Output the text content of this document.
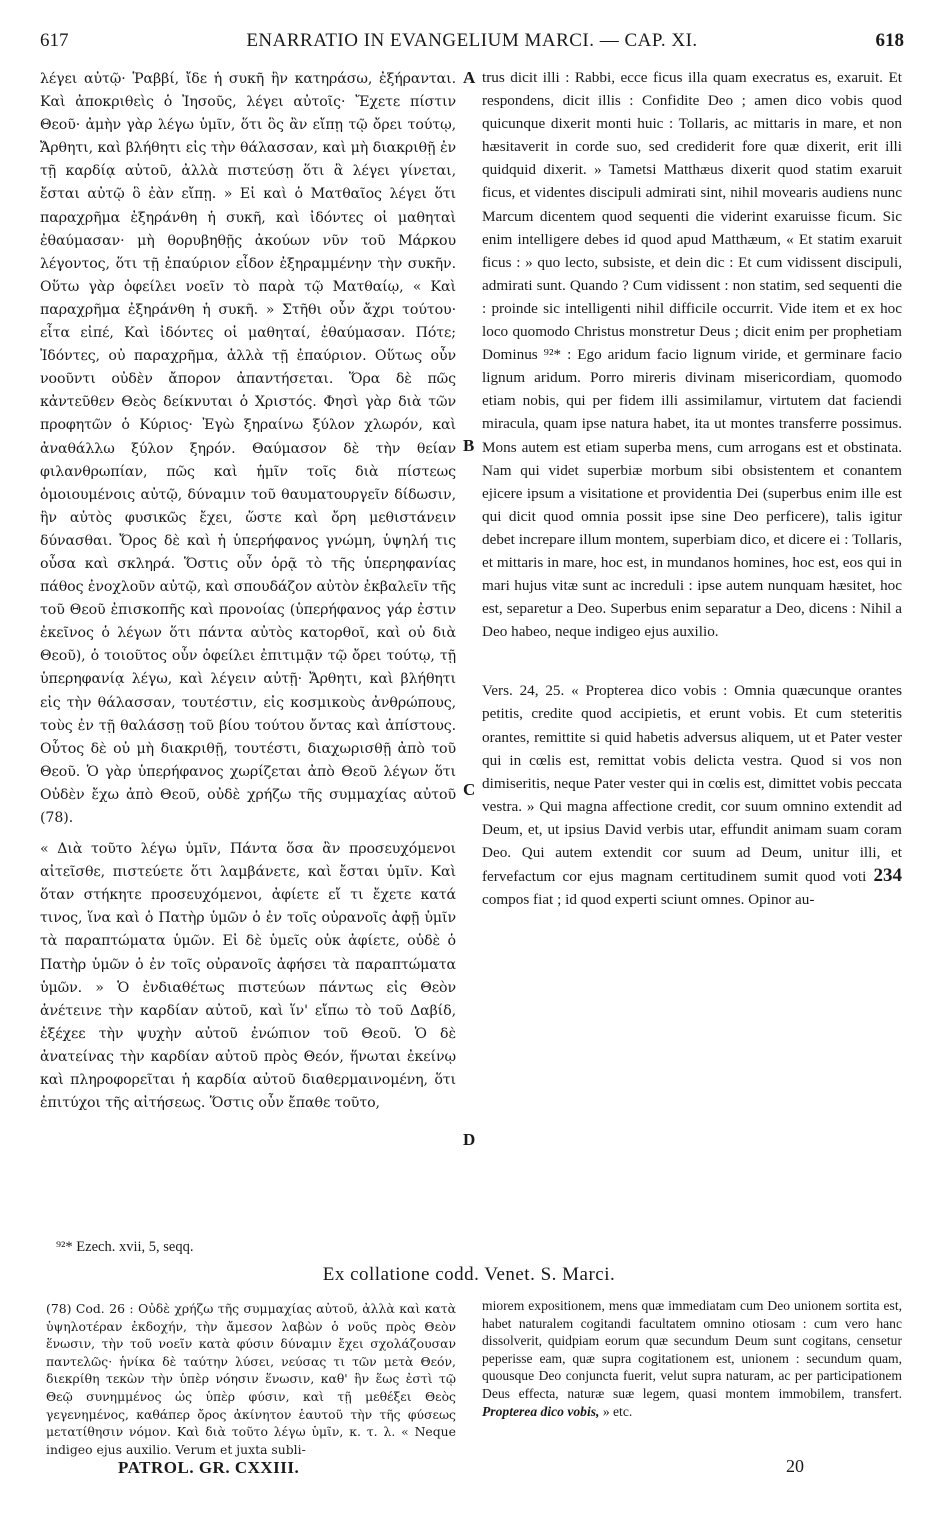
617	ENARRATIO IN EVANGELIUM MARCI. — CAP. XI.	618
λέγει αὐτῷ· Ῥαββί, ἴδε ἡ συκῆ ἣν κατηράσω, ἐξήρανται. Καὶ ἀποκριθεὶς ὁ Ἰησοῦς, λέγει αὐτοῖς· Ἔχετε πίστιν Θεοῦ· ἀμὴν γὰρ λέγω ὑμῖν, ὅτι ὃς ἂν εἴπῃ τῷ ὄρει τούτῳ, Ἄρθητι, καὶ βλήθητι εἰς τὴν θάλασσαν, καὶ μὴ διακριθῇ ἐν τῇ καρδίᾳ αὐτοῦ, ἀλλὰ πιστεύσῃ ὅτι ἃ λέγει γίνεται, ἔσται αὐτῷ ὃ ἐὰν εἴπῃ. » Εἰ καὶ ὁ Ματθαῖος λέγει ὅτι παραχρῆμα ἐξηράνθη ἡ συκῆ, καὶ ἰδόντες οἱ μαθηταὶ ἐθαύμασαν· μὴ θορυβηθῇς ἀκούων νῦν τοῦ Μάρκου λέγοντος, ὅτι τῇ ἐπαύριον εἶδον ἐξηραμμένην τὴν συκῆν. Οὕτω γὰρ ὀφείλει νοεῖν τὸ παρὰ τῷ Ματθαίῳ, « Καὶ παραχρῆμα ἐξηράνθη ἡ συκῆ. » Στῆθι οὖν ἄχρι τούτου· εἶτα εἰπέ, Καὶ ἰδόντες οἱ μαθηταί, ἐθαύμασαν. Πότε; Ἰδόντες, οὐ παραχρῆμα, ἀλλὰ τῇ ἐπαύριον. Οὕτως οὖν νοοῦντι οὐδὲν ἄπορον ἀπαντήσεται. Ὅρα δὲ πῶς κἀντεῦθεν Θεὸς δείκνυται ὁ Χριστός. Φησὶ γὰρ διὰ τῶν προφητῶν ὁ Κύριος· Ἐγὼ ξηραίνω ξύλον χλωρόν, καὶ ἀναθάλλω ξύλον ξηρόν. Θαύμασον δὲ τὴν θείαν φιλανθρωπίαν, πῶς καὶ ἡμῖν τοῖς διὰ πίστεως ὁμοιουμένοις αὐτῷ, δύναμιν τοῦ θαυματουργεῖν δίδωσιν, ἣν αὐτὸς φυσικῶς ἔχει, ὥστε καὶ ὄρη μεθιστάνειν δύνασθαι. Ὄρος δὲ καὶ ἡ ὑπερήφανος γνώμη, ὑψηλή τις οὖσα καὶ σκληρά. Ὅστις οὖν ὁρᾷ τὸ τῆς ὑπερηφανίας πάθος ἐνοχλοῦν αὐτῷ, καὶ σπουδάζον αὐτὸν ἐκβαλεῖν τῆς τοῦ Θεοῦ ἐπισκοπῆς καὶ προνοίας (ὑπερήφανος γάρ ἐστιν ἐκεῖνος ὁ λέγων ὅτι πάντα αὐτὸς κατορθοῖ, καὶ οὐ διὰ Θεοῦ), ὁ τοιοῦτος οὖν ὀφείλει ἐπιτιμᾷν τῷ ὄρει τούτῳ, τῇ ὑπερηφανίᾳ λέγω, καὶ λέγειν αὐτῇ· Ἄρθητι, καὶ βλήθητι εἰς τὴν θάλασσαν, τουτέστιν, εἰς κοσμικοὺς ἀνθρώπους, τοὺς ἐν τῇ θαλάσσῃ τοῦ βίου τούτου ὄντας καὶ ἀπίστους. Οὗτος δὲ οὐ μὴ διακριθῇ, τουτέστι, διαχωρισθῇ ἀπὸ τοῦ Θεοῦ. Ὁ γὰρ ὑπερήφανος χωρίζεται ἀπὸ Θεοῦ λέγων ὅτι Οὐδὲν ἔχω ἀπὸ Θεοῦ, οὐδὲ χρήζω τῆς συμμαχίας αὐτοῦ (78).
« Διὰ τοῦτο λέγω ὑμῖν, Πάντα ὅσα ἂν προσευχόμενοι αἰτεῖσθε, πιστεύετε ὅτι λαμβάνετε, καὶ ἔσται ὑμῖν. Καὶ ὅταν στήκητε προσευχόμενοι, ἀφίετε εἴ τι ἔχετε κατά τινος, ἵνα καὶ ὁ Πατὴρ ὑμῶν ὁ ἐν τοῖς οὐρανοῖς ἀφῇ ὑμῖν τὰ παραπτώματα ὑμῶν. Εἰ δὲ ὑμεῖς οὐκ ἀφίετε, οὐδὲ ὁ Πατὴρ ὑμῶν ὁ ἐν τοῖς οὐρανοῖς ἀφήσει τὰ παραπτώματα ὑμῶν. » Ὁ ἐνδιαθέτως πιστεύων πάντως εἰς Θεὸν ἀνέτεινε τὴν καρδίαν αὐτοῦ, καὶ ἵν' εἴπω τὸ τοῦ Δαβίδ, ἐξέχεε τὴν ψυχὴν αὐτοῦ ἐνώπιον τοῦ Θεοῦ. Ὁ δὲ ἀνατείνας τὴν καρδίαν αὐτοῦ πρὸς Θεόν, ἥνωται ἐκείνῳ καὶ πληροφορεῖται ἡ καρδία αὐτοῦ διαθερμαινομένη, ὅτι ἐπιτύχοι τῆς αἰτήσεως. Ὅστις οὖν ἔπαθε τοῦτο,
A
B
C
D
trus dicit illi : Rabbi, ecce ficus illa quam execratus es, exaruit. Et respondens, dicit illis : Confidite Deo ; amen dico vobis quod quicunque dixerit monti huic : Tollaris, ac mittaris in mare, et non hæsitaverit in corde suo, sed crediderit fore quæ dixerit, erit illi quidquid dixerit. » Tametsi Matthæus dixerit quod statim exaruit ficus, et videntes discipuli admirati sint, nihil movearis audiens nunc Marcum dicentem quod sequenti die viderint exaruisse ficum. Sic enim intelligere debes id quod apud Matthæum, « Et statim exaruit ficus : » quo lecto, subsiste, et dein dic : Et cum vidissent discipuli, admirati sunt. Quando ? Cum vidissent : non statim, sed sequenti die : proinde sic intelligenti nihil difficile occurrit. Vide item et ex hoc loco quomodo Christus monstretur Deus ; dicit enim per prophetiam Dominus ⁹²* : Ego aridum facio lignum viride, et germinare facio lignum aridum. Porro mireris divinam misericordiam, quomodo etiam nobis, qui per fidem illi assimilamur, virtutem dat faciendi miracula, quam ipse natura habet, ita ut montes transferre possimus. Mons autem est etiam superba mens, cum arrogans est et obstinata. Nam qui videt superbiæ morbum sibi obsistentem et conantem ejicere ipsum a visitatione et providentia Dei (superbus enim ille est qui dicit quod omnia possit ipse sine Deo perficere), talis igitur debet increpare illum montem, superbiam dico, et dicere ei : Tollaris, et mittaris in mare, hoc est, in mundanos homines, hoc est, eos qui in mari hujus vitæ sunt ac increduli : ipse autem nunquam hæsitet, hoc est, separetur a Deo. Superbus enim separatur a Deo, dicens : Nihil a Deo habeo, neque indigeo ejus auxilio.
Vers. 24, 25. « Propterea dico vobis : Omnia quæcunque orantes petitis, credite quod accipietis, et erunt vobis. Et cum steteritis orantes, remittite si quid habetis adversus aliquem, ut et Pater vester qui in cœlis est, remittat vobis delicta vestra. Quod si vos non dimiseritis, neque Pater vester qui in cœlis est, dimittet vobis peccata vestra. » Qui magna affectione credit, cor suum omnino extendit ad Deum, et, ut ipsius David verbis utar, effundit animam suam coram Deo. Qui autem extendit cor suum ad Deum, unitur illi, et fervefactum cor ejus magnam certitudinem sumit quod voti 234 compos fiat ; id quod experti sciunt omnes. Opinor au-
⁹²* Ezech. xvii, 5, seqq.
Ex collatione codd. Venet. S. Marci.
(78) Cod. 26 : Οὐδὲ χρήζω τῆς συμμαχίας αὐτοῦ, ἀλλὰ καὶ κατὰ ὑψηλοτέραν ἐκδοχήν, τὴν ἄμεσον λαβὼν ὁ νοῦς πρὸς Θεὸν ἕνωσιν, τὴν τοῦ νοεῖν κατὰ φύσιν δύναμιν ἔχει σχολάζουσαν παντελῶς· ἡνίκα δὲ ταύτην λύσει, νεύσας τι τῶν μετὰ Θεόν, διεκρίθη τεκὼν τὴν ὑπὲρ νόησιν ἕνωσιν, καθ' ἣν ἕως ἐστὶ τῷ Θεῷ συνημμένος ὡς ὑπὲρ φύσιν, καὶ τῇ μεθέξει Θεὸς γεγενημένος, καθάπερ ὄρος ἀκίνητον ἑαυτοῦ τὴν τῆς φύσεως μετατίθησιν νόμον. Καὶ διὰ τοῦτο λέγω ὑμῖν, κ. τ. λ. « Neque indigeo ejus auxilio. Verum et juxta subli-
miorem expositionem, mens quæ immediatam cum Deo unionem sortita est, habet naturalem cogitandi facultatem omnino otiosam : cum vero hanc dissolverit, quidpiam eorum quæ secundum Deum sunt cogitans, censetur peperisse eam, quæ supra cogitationem est, unionem : secundum quam, quousque Deo conjuncta fuerit, velut supra naturam, ac per participationem Deus effecta, naturæ suæ legem, quasi montem immobilem, transfert. Propterea dico vobis, » etc.
PATROL. GR. CXXIII.	20
